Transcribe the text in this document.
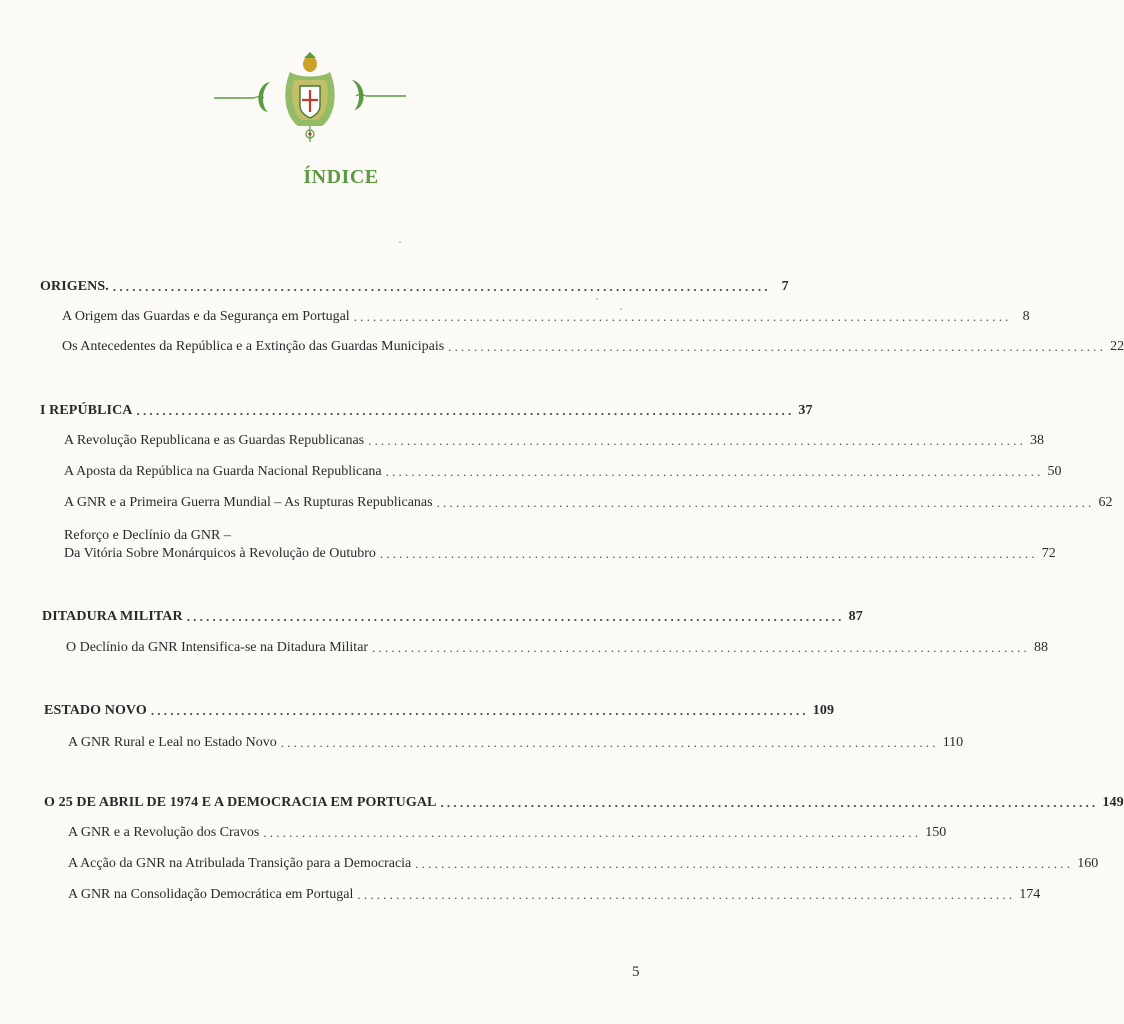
ÍNDICE
ORIGENS. ...................................................................................................... 7
A Origem das Guardas e da Segurança em Portugal ...................................................................................................... 8
Os Antecedentes da República e a Extinção das Guardas Municipais ...................................................................................................... 22
I REPÚBLICA ...................................................................................................... 37
A Revolução Republicana e as Guardas Republicanas ...................................................................................................... 38
A Aposta da República na Guarda Nacional Republicana ...................................................................................................... 50
A GNR e a Primeira Guerra Mundial – As Rupturas Republicanas ...................................................................................................... 62
Reforço e Declínio da GNR –
Da Vitória Sobre Monárquicos à Revolução de Outubro ...................................................................................................... 72
DITADURA MILITAR ...................................................................................................... 87
O Declínio da GNR Intensifica-se na Ditadura Militar ...................................................................................................... 88
ESTADO NOVO ...................................................................................................... 109
A GNR Rural e Leal no Estado Novo ...................................................................................................... 110
O 25 DE ABRIL DE 1974 E A DEMOCRACIA EM PORTUGAL ...................................................................................................... 149
A GNR e a Revolução dos Cravos ...................................................................................................... 150
A Acção da GNR na Atribulada Transição para a Democracia ...................................................................................................... 160
A GNR na Consolidação Democrática em Portugal ...................................................................................................... 174
5
